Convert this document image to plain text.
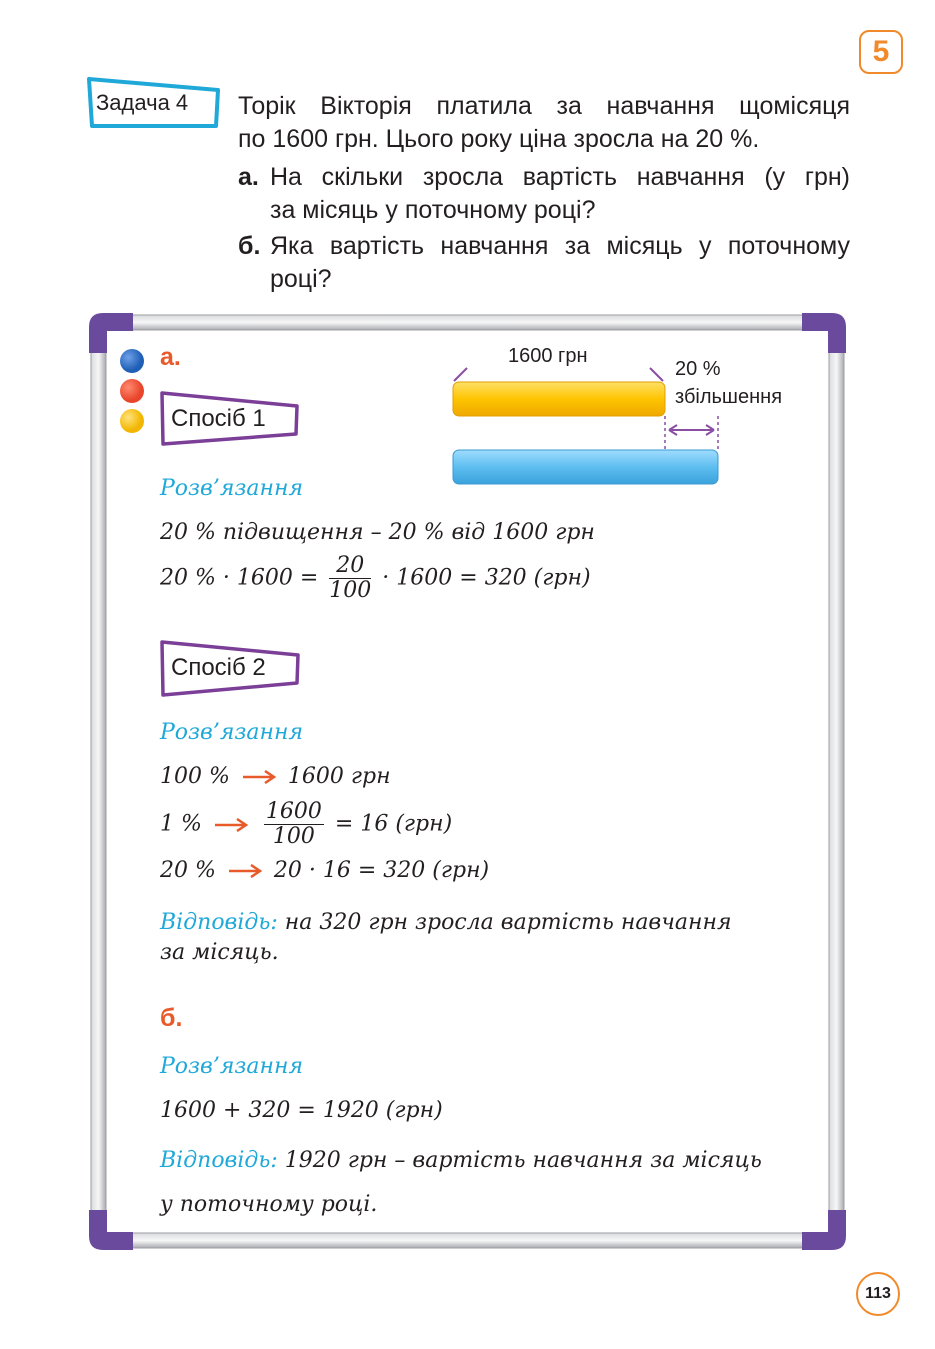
5
Задача 4 Торік Вікторія платила за навчання щомісяця
по 1600 грн. Цього року ціна зросла на 20 %.
а. На скільки зросла вартість навчання (у грн)
за місяць у поточному році?
б. Яка вартість навчання за місяць у поточному
році?
а.
Спосіб 1
1600 грн
20 %
збільшення
Розв’язання
20 % підвищення – 20 % від 1600 грн
20 % · $1600 = \frac{20}{100} \cdot 1600 = 320$ (грн)
Спосіб 2
Розв’язання
100 %	1600 грн
1 %	$\frac{1600}{100} = 16$ (грн)
20 %	20 · 16 = 320 (грн)
Відповідь: на 320 грн зросла вартість навчання
за місяць.
б.
Розв’язання
1600 + 320 = 1920 (грн)
Відповідь: 1920 грн – вартість навчання за місяць
у поточному році.
113
